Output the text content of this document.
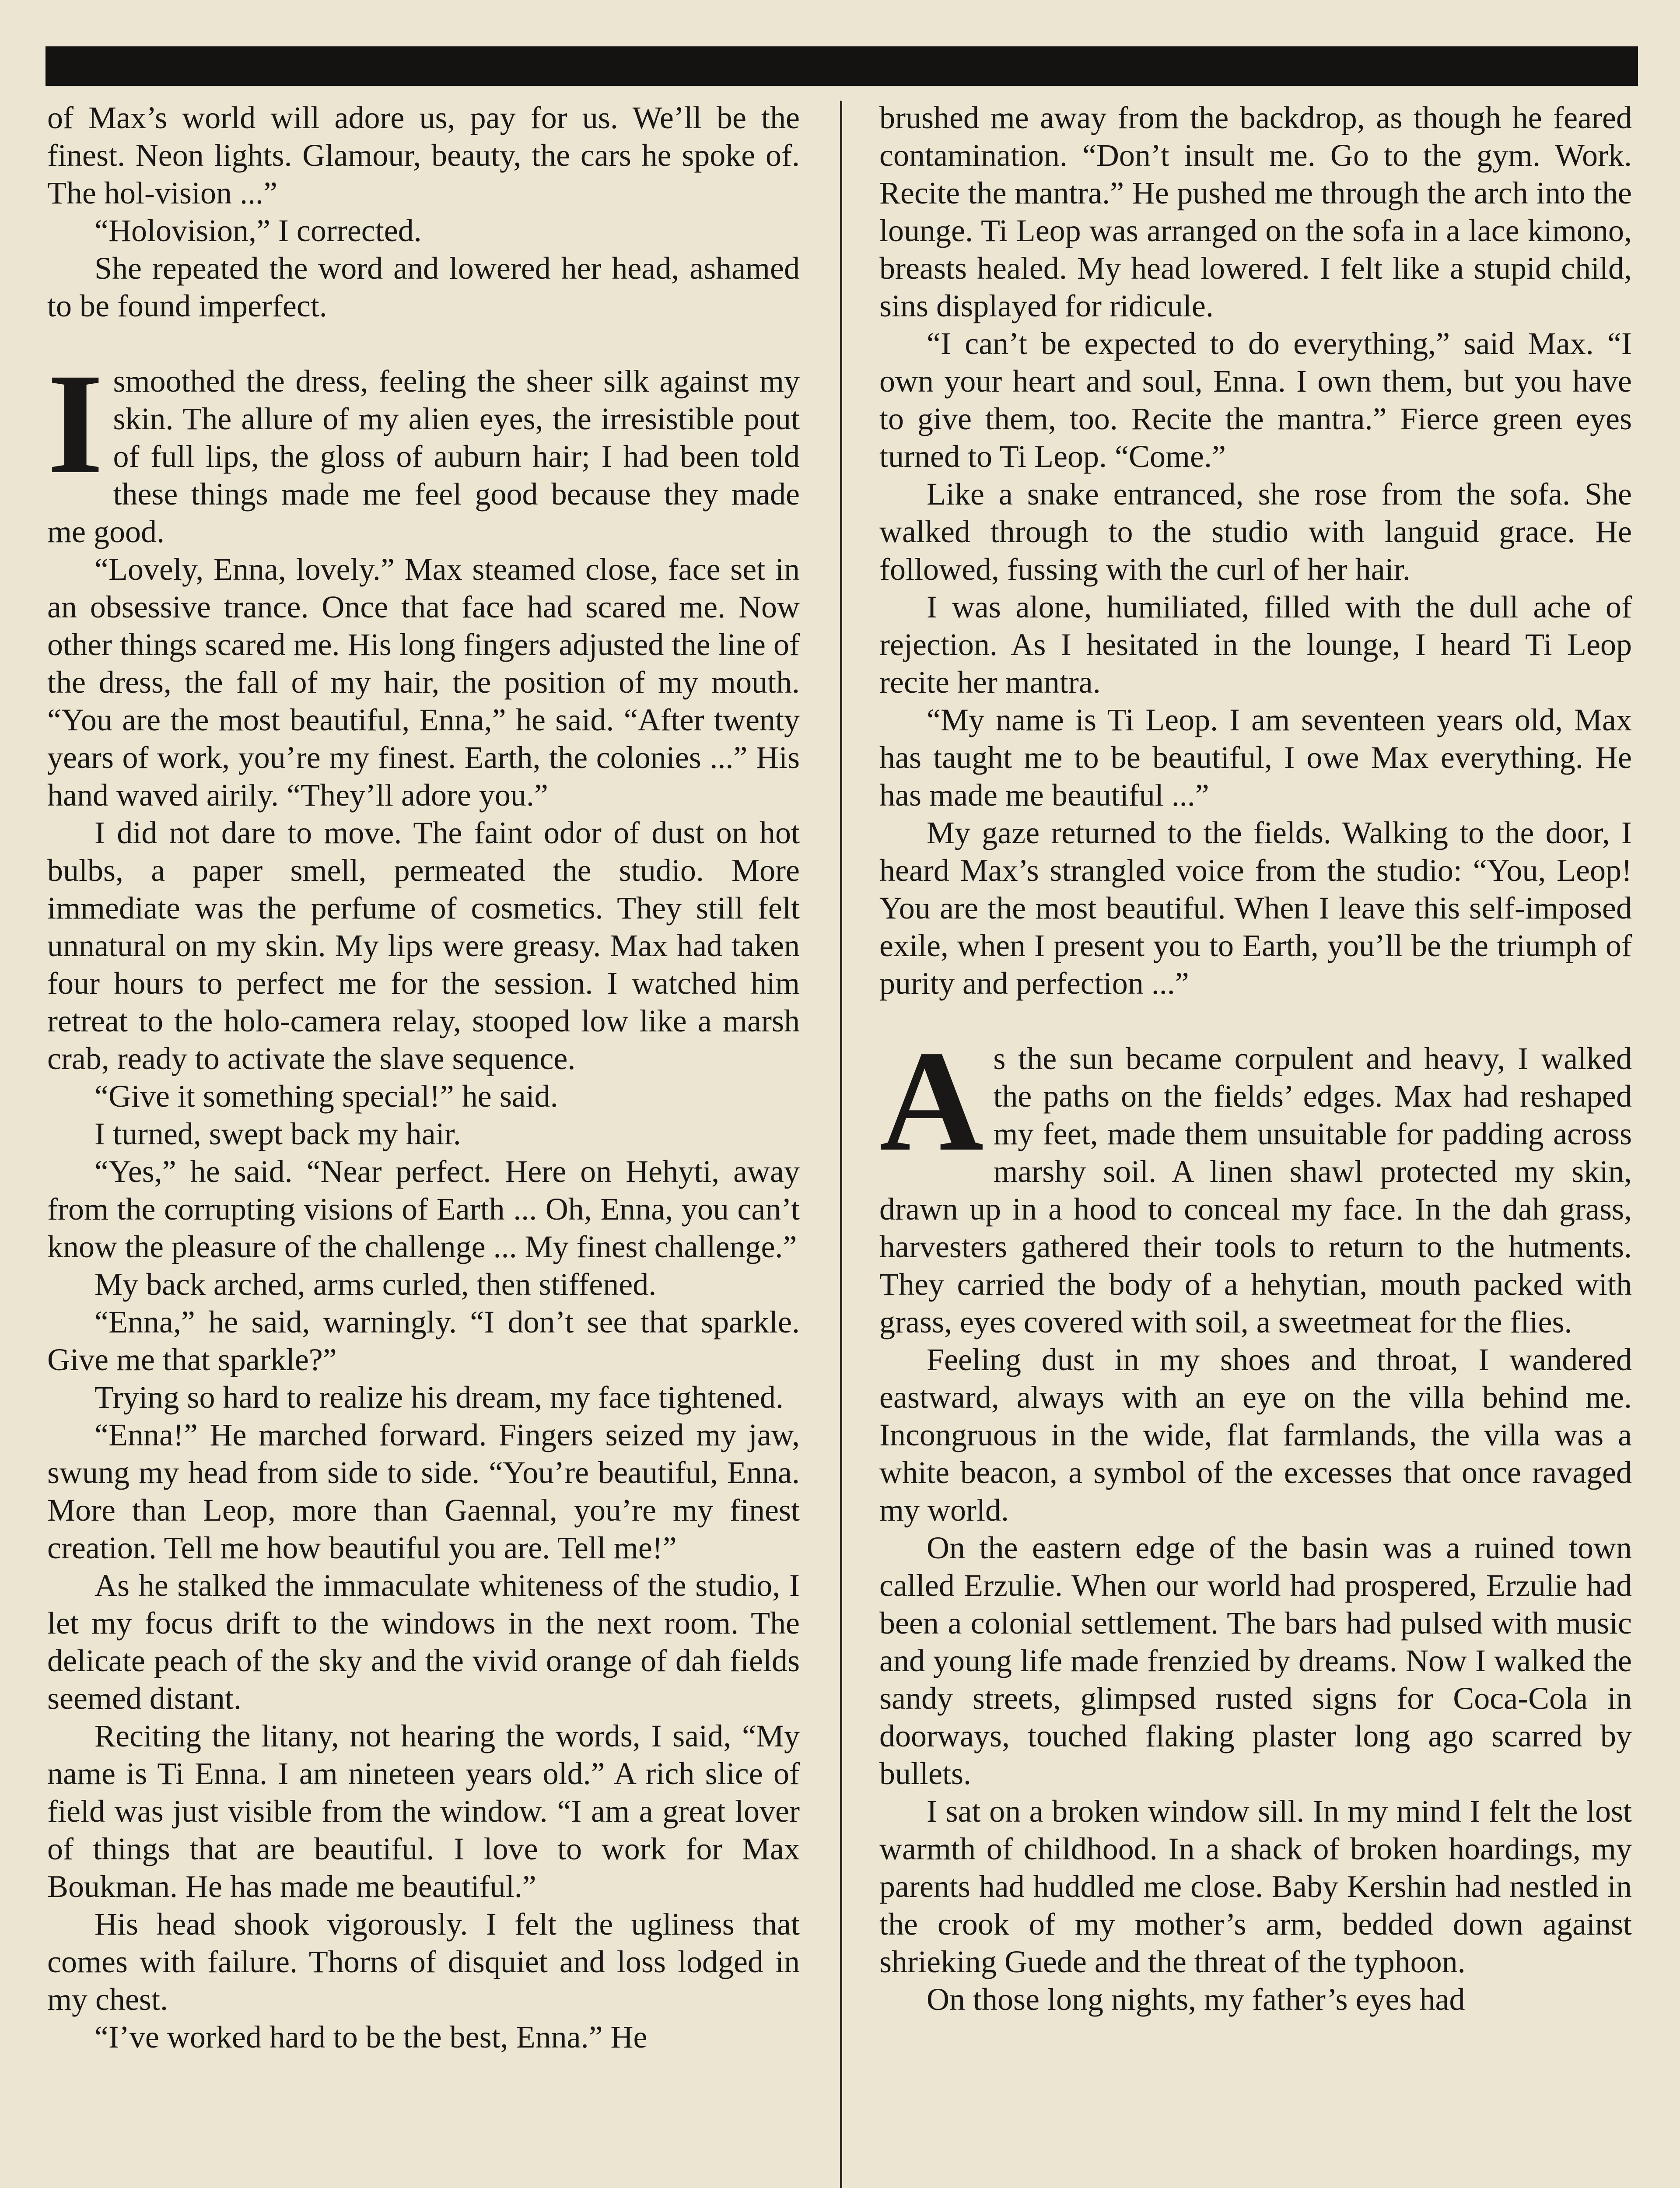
of Max’s world will adore us, pay for us. We’ll be the finest. Neon lights. Glamour, beauty, the cars he spoke of. The hol-vision ...”

“Holovision,” I corrected.

She repeated the word and lowered her head, ashamed to be found imperfect.

Ismoothed the dress, feeling the sheer silk against my skin. The allure of my alien eyes, the irresistible pout of full lips, the gloss of auburn hair; I had been told these things made me feel good because they made me good.

“Lovely, Enna, lovely.” Max steamed close, face set in an obsessive trance. Once that face had scared me. Now other things scared me. His long fingers adjusted the line of the dress, the fall of my hair, the position of my mouth. “You are the most beautiful, Enna,” he said. “After twenty years of work, you’re my finest. Earth, the colonies ...” His hand waved airily. “They’ll adore you.”

I did not dare to move. The faint odor of dust on hot bulbs, a paper smell, permeated the studio. More immediate was the perfume of cosmetics. They still felt unnatural on my skin. My lips were greasy. Max had taken four hours to perfect me for the session. I watched him retreat to the holo-camera relay, stooped low like a marsh crab, ready to activate the slave sequence.

“Give it something special!” he said.

I turned, swept back my hair.

“Yes,” he said. “Near perfect. Here on Hehyti, away from the corrupting visions of Earth ... Oh, Enna, you can’t know the pleasure of the challenge ... My finest challenge.”

My back arched, arms curled, then stiffened.

“Enna,” he said, warningly. “I don’t see that sparkle. Give me that sparkle?”

Trying so hard to realize his dream, my face tightened.

“Enna!” He marched forward. Fingers seized my jaw, swung my head from side to side. “You’re beautiful, Enna. More than Leop, more than Gaennal, you’re my finest creation. Tell me how beautiful you are. Tell me!”

As he stalked the immaculate whiteness of the studio, I let my focus drift to the windows in the next room. The delicate peach of the sky and the vivid orange of dah fields seemed distant.

Reciting the litany, not hearing the words, I said, “My name is Ti Enna. I am nineteen years old.” A rich slice of field was just visible from the window. “I am a great lover of things that are beautiful. I love to work for Max Boukman. He has made me beautiful.”

His head shook vigorously. I felt the ugliness that comes with failure. Thorns of disquiet and loss lodged in my chest.

“I’ve worked hard to be the best, Enna.” He

brushed me away from the backdrop, as though he feared contamination. “Don’t insult me. Go to the gym. Work. Recite the mantra.” He pushed me through the arch into the lounge. Ti Leop was arranged on the sofa in a lace kimono, breasts healed. My head lowered. I felt like a stupid child, sins displayed for ridicule.

“I can’t be expected to do everything,” said Max. “I own your heart and soul, Enna. I own them, but you have to give them, too. Recite the mantra.” Fierce green eyes turned to Ti Leop. “Come.”

Like a snake entranced, she rose from the sofa. She walked through to the studio with languid grace. He followed, fussing with the curl of her hair.

I was alone, humiliated, filled with the dull ache of rejection. As I hesitated in the lounge, I heard Ti Leop recite her mantra.

“My name is Ti Leop. I am seventeen years old, Max has taught me to be beautiful, I owe Max everything. He has made me beautiful ...”

My gaze returned to the fields. Walking to the door, I heard Max’s strangled voice from the studio: “You, Leop! You are the most beautiful. When I leave this self-imposed exile, when I present you to Earth, you’ll be the triumph of purity and perfection ...”

As the sun became corpulent and heavy, I walked the paths on the fields’ edges. Max had reshaped my feet, made them unsuitable for padding across marshy soil. A linen shawl protected my skin, drawn up in a hood to conceal my face. In the dah grass, harvesters gathered their tools to return to the hutments. They carried the body of a hehytian, mouth packed with grass, eyes covered with soil, a sweetmeat for the flies.

Feeling dust in my shoes and throat, I wandered eastward, always with an eye on the villa behind me. Incongruous in the wide, flat farmlands, the villa was a white beacon, a symbol of the excesses that once ravaged my world.

On the eastern edge of the basin was a ruined town called Erzulie. When our world had prospered, Erzulie had been a colonial settlement. The bars had pulsed with music and young life made frenzied by dreams. Now I walked the sandy streets, glimpsed rusted signs for Coca-Cola in doorways, touched flaking plaster long ago scarred by bullets.

I sat on a broken window sill. In my mind I felt the lost warmth of childhood. In a shack of broken hoardings, my parents had huddled me close. Baby Kershin had nestled in the crook of my mother’s arm, bedded down against shrieking Guede and the threat of the typhoon.

On those long nights, my father’s eyes had
